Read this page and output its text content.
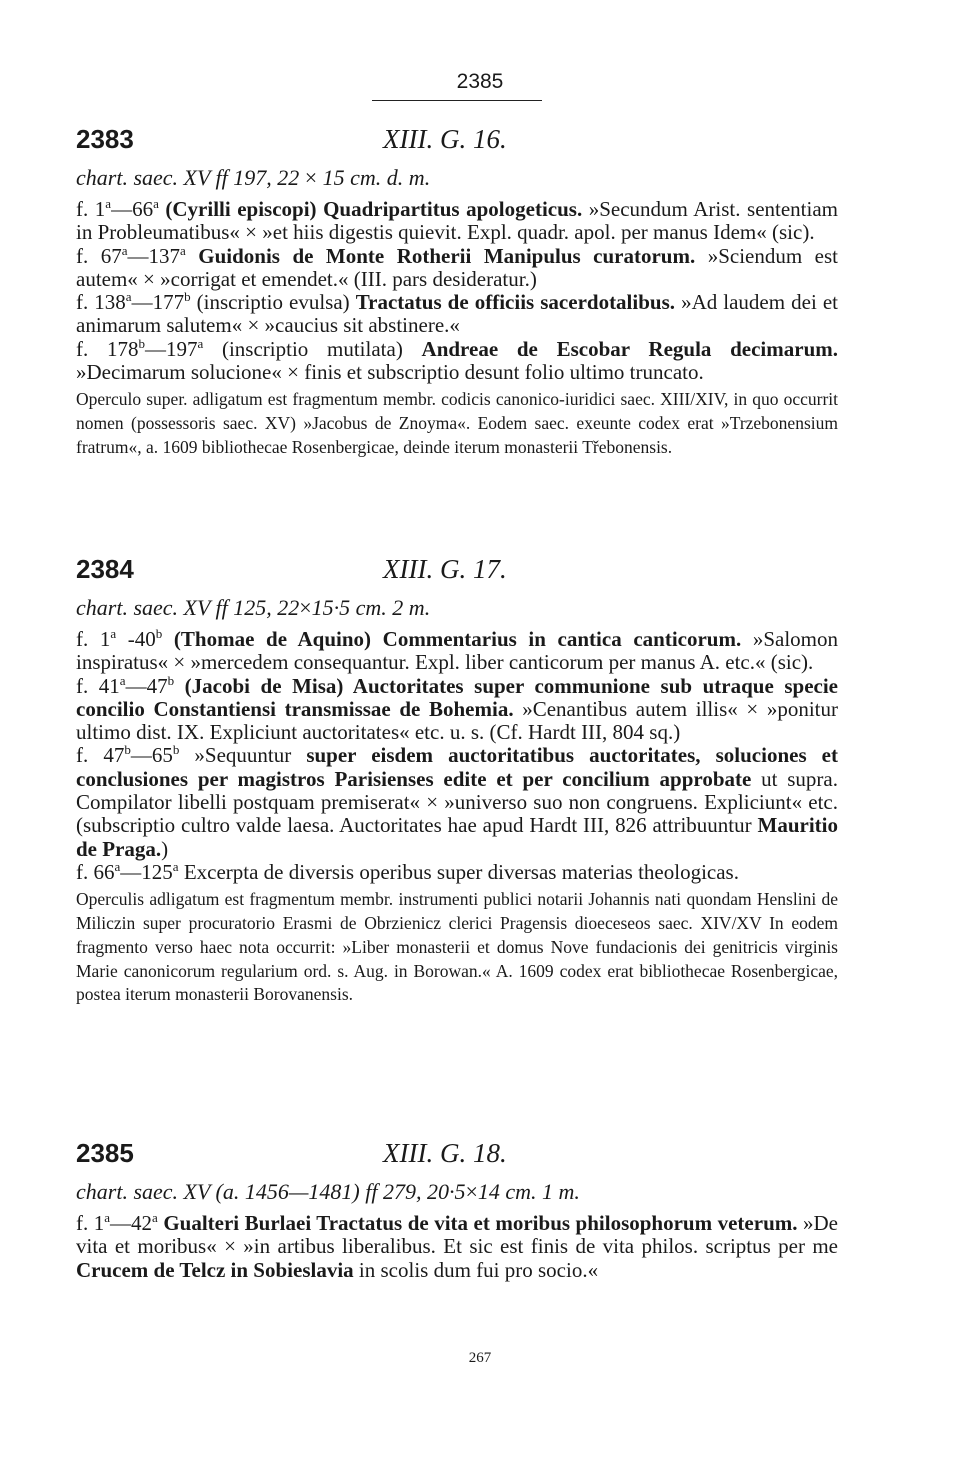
2385
2383	XIII. G. 16.
chart. saec. XV ff 197, 22 × 15 cm. d. m.

f. 1$^a$—66$^a$ (Cyrilli episcopi) Quadripartitus apologeticus. »Secundum Arist. sententiam in Probleumatibus« × »et hiis digestis quievit. Expl. quadr. apol. per manus Idem« (sic).

f. 67$^a$—137$^a$ Guidonis de Monte Rotherii Manipulus curatorum. »Sciendum est autem« × »corrigat et emendet.« (III. pars desideratur.)

f. 138$^a$—177$^b$ (inscriptio evulsa) Tractatus de officiis sacerdotalibus. »Ad laudem dei et animarum salutem« × »caucius sit abstinere.«

f. 178$^b$—197$^a$ (inscriptio mutilata) Andreae de Escobar Regula decimarum. »Decimarum solucione« × finis et subscriptio desunt folio ultimo truncato.

Operculo super. adligatum est fragmentum membr. codicis canonico-iuridici saec. XIII/XIV, in quo occurrit nomen (possessoris saec. XV) »Jacobus de Znoyma«. Eodem saec. exeunte codex erat »Trzebonensium fratrum«, a. 1609 bibliothecae Rosenbergicae, deinde iterum monasterii Třebonensis.

2384	XIII. G. 17.
chart. saec. XV ff 125, 22×15·5 cm. 2 m.

f. 1$^a$ -40$^b$ (Thomae de Aquino) Commentarius in cantica canticorum. »Salomon inspiratus« × »mercedem consequantur. Expl. liber canticorum per manus A. etc.« (sic).

f. 41$^a$—47$^b$ (Jacobi de Misa) Auctoritates super communione sub utraque specie concilio Constantiensi transmissae de Bohemia. »Cenantibus autem illis« × »ponitur ultimo dist. IX. Expliciunt auctoritates« etc. u. s. (Cf. Hardt III, 804 sq.)

f. 47$^b$—65$^b$ »Sequuntur super eisdem auctoritatibus auctoritates, soluciones et conclusiones per magistros Parisienses edite et per concilium approbate ut supra. Compilator libelli postquam premiserat« × »universo suo non congruens. Expliciunt« etc. (subscriptio cultro valde laesa. Auctoritates hae apud Hardt III, 826 attribuuntur Mauritio de Praga.)

f. 66$^a$—125$^a$ Excerpta de diversis operibus super diversas materias theologicas.

Operculis adligatum est fragmentum membr. instrumenti publici notarii Johannis nati quondam Henslini de Miliczin super procuratorio Erasmi de Obrzienicz clerici Pragensis dioeceseos saec. XIV/XV In eodem fragmento verso haec nota occurrit: »Liber monasterii et domus Nove fundacionis dei genitricis virginis Marie canonicorum regularium ord. s. Aug. in Borowan.« A. 1609 codex erat bibliothecae Rosenbergicae, postea iterum monasterii Borovanensis.

2385	XIII. G. 18.
chart. saec. XV (a. 1456—1481) ff 279, 20·5×14 cm. 1 m.

f. 1$^a$—42$^a$ Gualteri Burlaei Tractatus de vita et moribus philosophorum veterum. »De vita et moribus« × »in artibus liberalibus. Et sic est finis de vita philos. scriptus per me Crucem de Telcz in Sobieslavia in scolis dum fui pro socio.«

267
